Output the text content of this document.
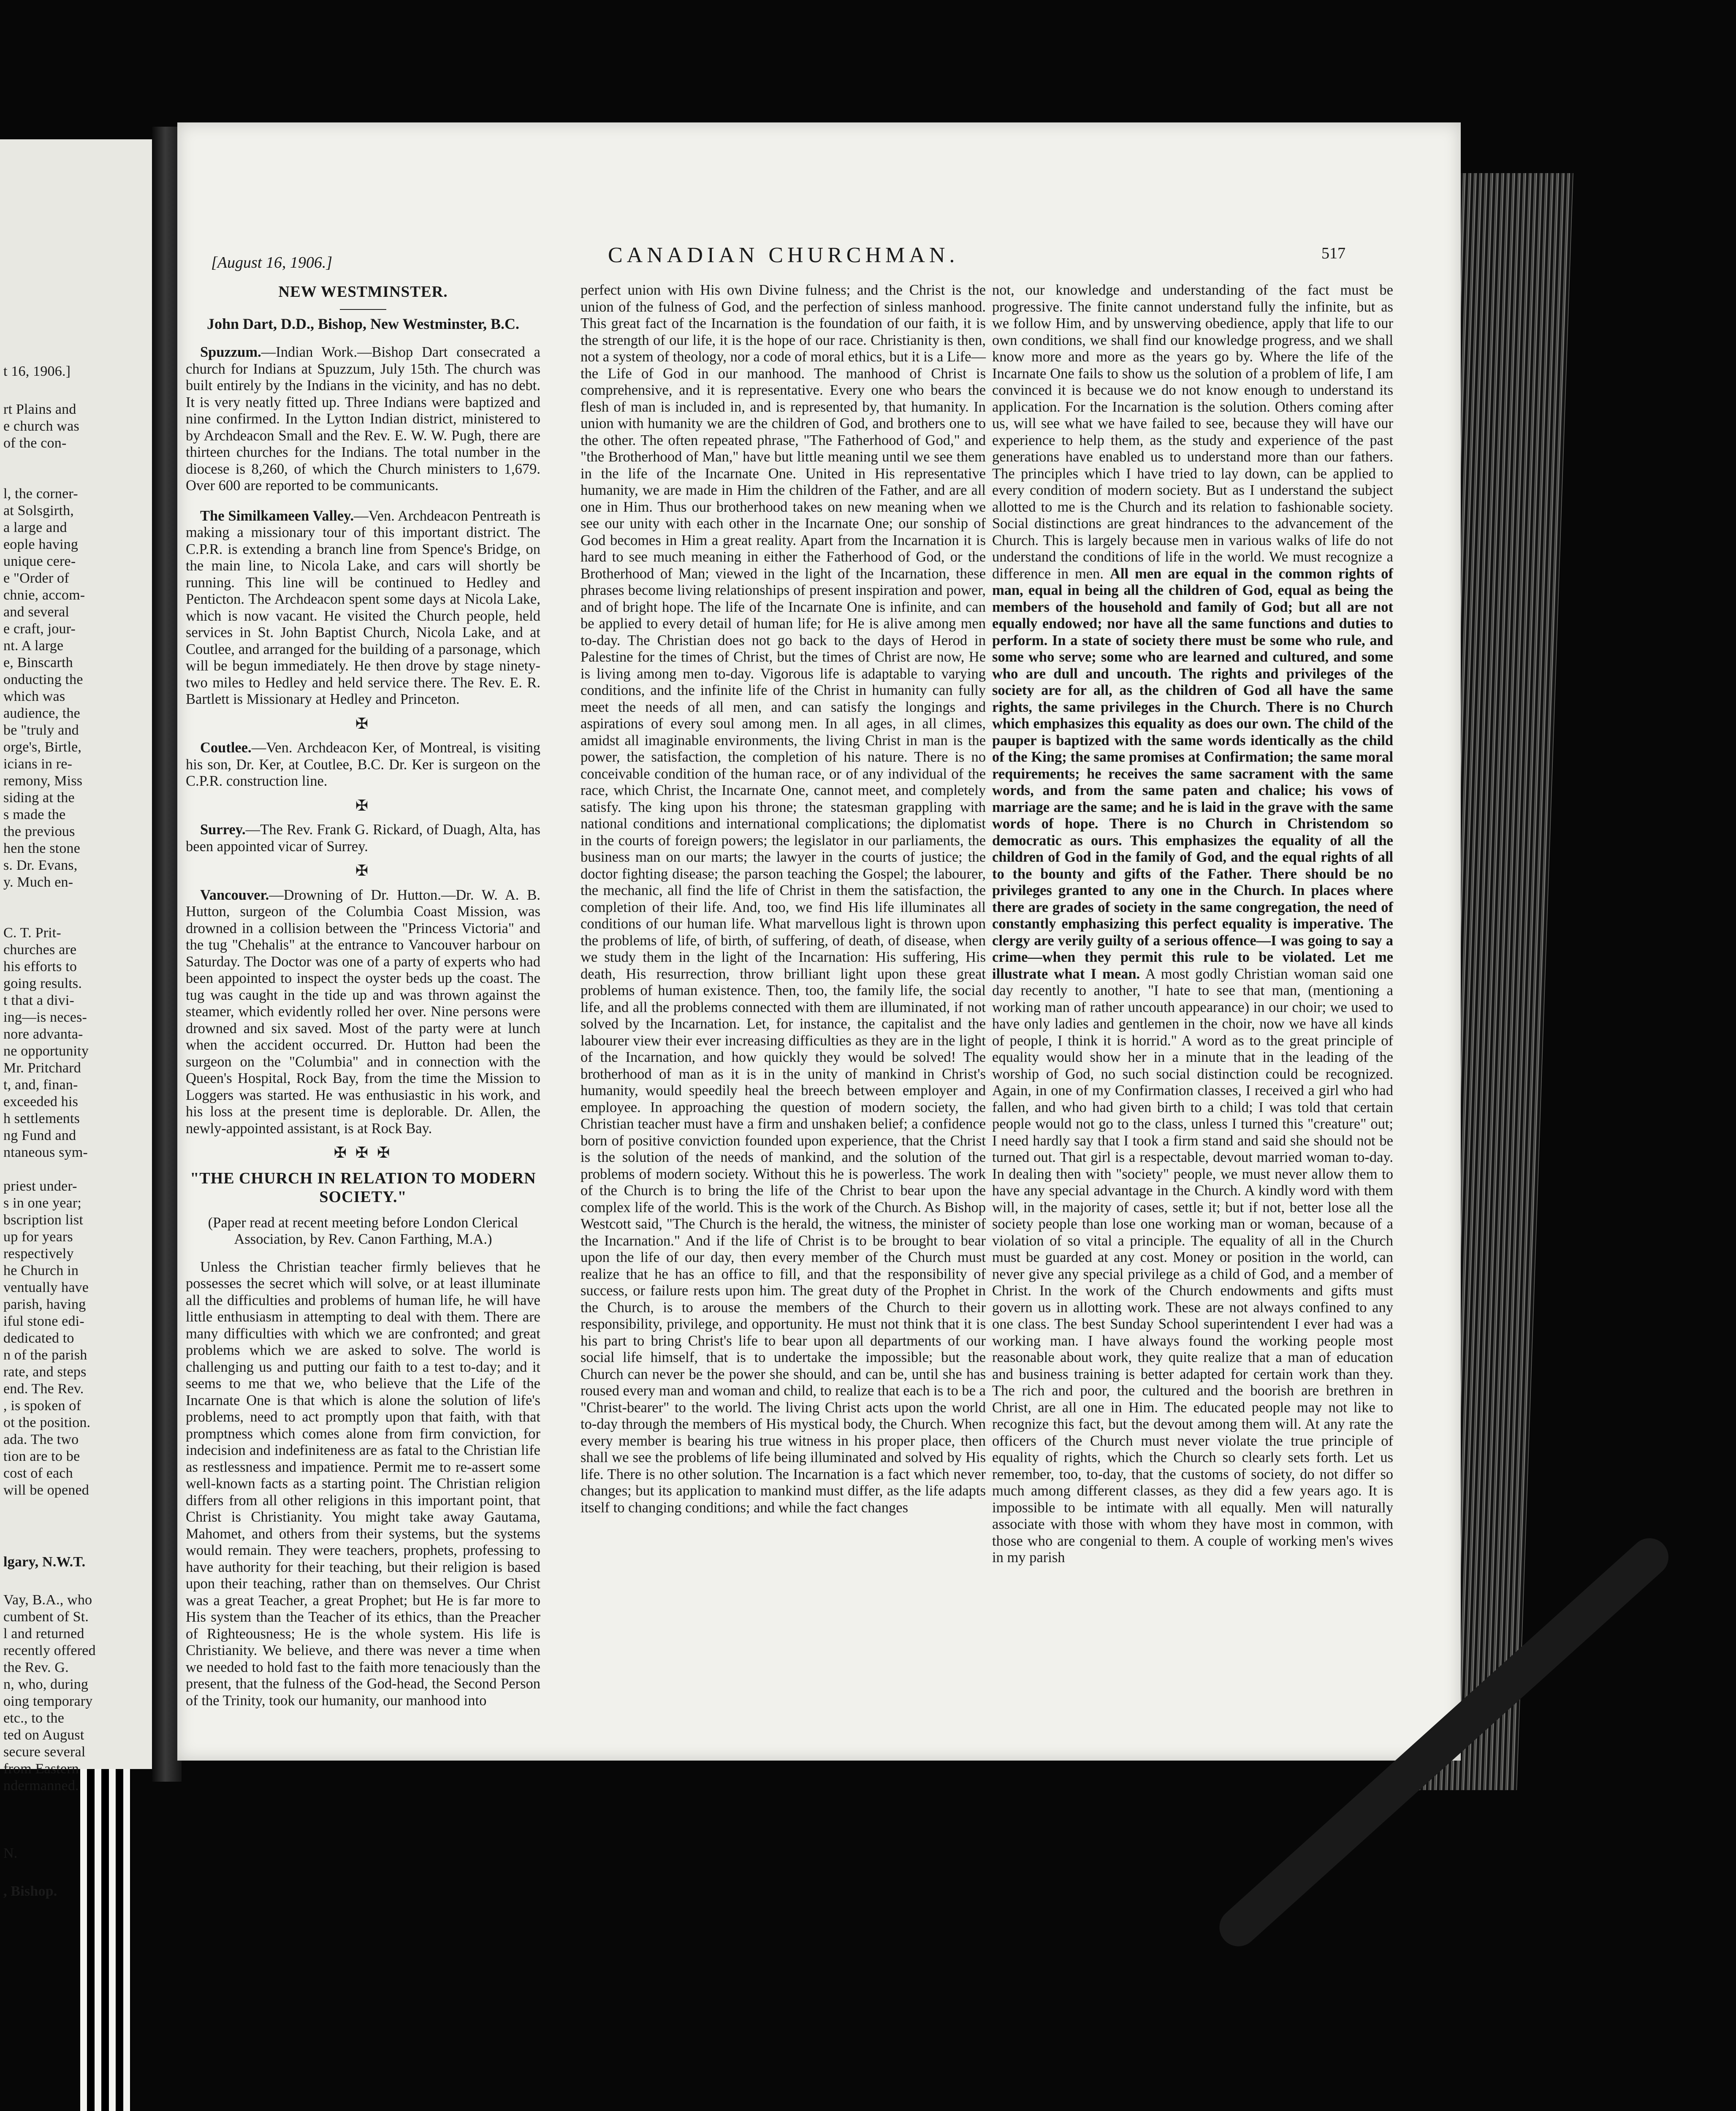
t 16, 1906.]
rt Plains and
e church was
of the con-
l, the corner-
at Solsgirth,
a large and
eople having
unique cere-
e "Order of
chnie, accom-
and several
e craft, jour-
nt. A large
e, Binscarth
onducting the
which was
audience, the
be "truly and
orge's, Birtle,
icians in re-
remony, Miss
siding at the
s made the
the previous
hen the stone
s. Dr. Evans,
y. Much en-
C. T. Prit-
churches are
his efforts to
going results.
t that a divi-
ing—is neces-
nore advanta-
ne opportunity
Mr. Pritchard
t, and, finan-
exceeded his
h settlements
ng Fund and
ntaneous sym-
priest under-
s in one year;
bscription list
up for years
respectively
he Church in
ventually have
parish, having
iful stone edi-
dedicated to
n of the parish
rate, and steps
end. The Rev.
, is spoken of
ot the position.
ada. The two
tion are to be
cost of each
will be opened
lgary, N.W.T.
Vay, B.A., who
cumbent of St.
l and returned
recently offered
the Rev. G.
n, who, during
oing temporary
etc., to the
ted on August
secure several
from Eastern
ndermanned.
N.
, Bishop.
[August 16, 1906.]	CANADIAN CHURCHMAN.	517
NEW WESTMINSTER.
John Dart, D.D., Bishop, New Westminster, B.C.

Spuzzum.—Indian Work.—Bishop Dart consecrated a church for Indians at Spuzzum, July 15th. The church was built entirely by the Indians in the vicinity, and has no debt. It is very neatly fitted up. Three Indians were baptized and nine confirmed. In the Lytton Indian district, ministered to by Archdeacon Small and the Rev. E. W. W. Pugh, there are thirteen churches for the Indians. The total number in the diocese is 8,260, of which the Church ministers to 1,679. Over 600 are reported to be communicants.

The Similkameen Valley.—Ven. Archdeacon Pentreath is making a missionary tour of this important district. The C.P.R. is extending a branch line from Spence's Bridge, on the main line, to Nicola Lake, and cars will shortly be running. This line will be continued to Hedley and Penticton. The Archdeacon spent some days at Nicola Lake, which is now vacant. He visited the Church people, held services in St. John Baptist Church, Nicola Lake, and at Coutlee, and arranged for the building of a parsonage, which will be begun immediately. He then drove by stage ninety-two miles to Hedley and held service there. The Rev. E. R. Bartlett is Missionary at Hedley and Princeton.

✠

Coutlee.—Ven. Archdeacon Ker, of Montreal, is visiting his son, Dr. Ker, at Coutlee, B.C. Dr. Ker is surgeon on the C.P.R. construction line.

✠

Surrey.—The Rev. Frank G. Rickard, of Duagh, Alta, has been appointed vicar of Surrey.

✠

Vancouver.—Drowning of Dr. Hutton.—Dr. W. A. B. Hutton, surgeon of the Columbia Coast Mission, was drowned in a collision between the "Princess Victoria" and the tug "Chehalis" at the entrance to Vancouver harbour on Saturday. The Doctor was one of a party of experts who had been appointed to inspect the oyster beds up the coast. The tug was caught in the tide up and was thrown against the steamer, which evidently rolled her over. Nine persons were drowned and six saved. Most of the party were at lunch when the accident occurred. Dr. Hutton had been the surgeon on the "Columbia" and in connection with the Queen's Hospital, Rock Bay, from the time the Mission to Loggers was started. He was enthusiastic in his work, and his loss at the present time is deplorable. Dr. Allen, the newly-appointed assistant, is at Rock Bay.

✠ ✠ ✠
"THE CHURCH IN RELATION TO MODERN SOCIETY."
(Paper read at recent meeting before London Clerical Association, by Rev. Canon Farthing, M.A.)

Unless the Christian teacher firmly believes that he possesses the secret which will solve, or at least illuminate all the difficulties and problems of human life, he will have little enthusiasm in attempting to deal with them. There are many difficulties with which we are confronted; and great problems which we are asked to solve. The world is challenging us and putting our faith to a test to-day; and it seems to me that we, who believe that the Life of the Incarnate One is that which is alone the solution of life's problems, need to act promptly upon that faith, with that promptness which comes alone from firm conviction, for indecision and indefiniteness are as fatal to the Christian life as restlessness and impatience. Permit me to re-assert some well-known facts as a starting point. The Christian religion differs from all other religions in this important point, that Christ is Christianity. You might take away Gautama, Mahomet, and others from their systems, but the systems would remain. They were teachers, prophets, professing to have authority for their teaching, but their religion is based upon their teaching, rather than on themselves. Our Christ was a great Teacher, a great Prophet; but He is far more to His system than the Teacher of its ethics, than the Preacher of Righteousness; He is the whole system. His life is Christianity. We believe, and there was never a time when we needed to hold fast to the faith more tenaciously than the present, that the fulness of the God-head, the Second Person of the Trinity, took our humanity, our manhood into

perfect union with His own Divine fulness; and the Christ is the union of the fulness of God, and the perfection of sinless manhood. This great fact of the Incarnation is the foundation of our faith, it is the strength of our life, it is the hope of our race. Christianity is then, not a system of theology, nor a code of moral ethics, but it is a Life—the Life of God in our manhood. The manhood of Christ is comprehensive, and it is representative. Every one who bears the flesh of man is included in, and is represented by, that humanity. In union with humanity we are the children of God, and brothers one to the other. The often repeated phrase, "The Fatherhood of God," and "the Brotherhood of Man," have but little meaning until we see them in the life of the Incarnate One. United in His representative humanity, we are made in Him the children of the Father, and are all one in Him. Thus our brotherhood takes on new meaning when we see our unity with each other in the Incarnate One; our sonship of God becomes in Him a great reality. Apart from the Incarnation it is hard to see much meaning in either the Fatherhood of God, or the Brotherhood of Man; viewed in the light of the Incarnation, these phrases become living relationships of present inspiration and power, and of bright hope. The life of the Incarnate One is infinite, and can be applied to every detail of human life; for He is alive among men to-day. The Christian does not go back to the days of Herod in Palestine for the times of Christ, but the times of Christ are now, He is living among men to-day. Vigorous life is adaptable to varying conditions, and the infinite life of the Christ in humanity can fully meet the needs of all men, and can satisfy the longings and aspirations of every soul among men. In all ages, in all climes, amidst all imaginable environments, the living Christ in man is the power, the satisfaction, the completion of his nature. There is no conceivable condition of the human race, or of any individual of the race, which Christ, the Incarnate One, cannot meet, and completely satisfy. The king upon his throne; the statesman grappling with national conditions and international complications; the diplomatist in the courts of foreign powers; the legislator in our parliaments, the business man on our marts; the lawyer in the courts of justice; the doctor fighting disease; the parson teaching the Gospel; the labourer, the mechanic, all find the life of Christ in them the satisfaction, the completion of their life. And, too, we find His life illuminates all conditions of our human life. What marvellous light is thrown upon the problems of life, of birth, of suffering, of death, of disease, when we study them in the light of the Incarnation: His suffering, His death, His resurrection, throw brilliant light upon these great problems of human existence. Then, too, the family life, the social life, and all the problems connected with them are illuminated, if not solved by the Incarnation. Let, for instance, the capitalist and the labourer view their ever increasing difficulties as they are in the light of the Incarnation, and how quickly they would be solved! The brotherhood of man as it is in the unity of mankind in Christ's humanity, would speedily heal the breech between employer and employee. In approaching the question of modern society, the Christian teacher must have a firm and unshaken belief; a confidence born of positive conviction founded upon experience, that the Christ is the solution of the needs of mankind, and the solution of the problems of modern society. Without this he is powerless. The work of the Church is to bring the life of the Christ to bear upon the complex life of the world. This is the work of the Church. As Bishop Westcott said, "The Church is the herald, the witness, the minister of the Incarnation." And if the life of Christ is to be brought to bear upon the life of our day, then every member of the Church must realize that he has an office to fill, and that the responsibility of success, or failure rests upon him. The great duty of the Prophet in the Church, is to arouse the members of the Church to their responsibility, privilege, and opportunity. He must not think that it is his part to bring Christ's life to bear upon all departments of our social life himself, that is to undertake the impossible; but the Church can never be the power she should, and can be, until she has roused every man and woman and child, to realize that each is to be a "Christ-bearer" to the world. The living Christ acts upon the world to-day through the members of His mystical body, the Church. When every member is bearing his true witness in his proper place, then shall we see the problems of life being illuminated and solved by His life. There is no other solution. The Incarnation is a fact which never changes; but its application to mankind must differ, as the life adapts itself to changing conditions; and while the fact changes

not, our knowledge and understanding of the fact must be progressive. The finite cannot understand fully the infinite, but as we follow Him, and by unswerving obedience, apply that life to our own conditions, we shall find our knowledge progress, and we shall know more and more as the years go by. Where the life of the Incarnate One fails to show us the solution of a problem of life, I am convinced it is because we do not know enough to understand its application. For the Incarnation is the solution. Others coming after us, will see what we have failed to see, because they will have our experience to help them, as the study and experience of the past generations have enabled us to understand more than our fathers. The principles which I have tried to lay down, can be applied to every condition of modern society. But as I understand the subject allotted to me is the Church and its relation to fashionable society. Social distinctions are great hindrances to the advancement of the Church. This is largely because men in various walks of life do not understand the conditions of life in the world. We must recognize a difference in men. All men are equal in the common rights of man, equal in being all the children of God, equal as being the members of the household and family of God; but all are not equally endowed; nor have all the same functions and duties to perform. In a state of society there must be some who rule, and some who serve; some who are learned and cultured, and some who are dull and uncouth. The rights and privileges of the society are for all, as the children of God all have the same rights, the same privileges in the Church. There is no Church which emphasizes this equality as does our own. The child of the pauper is baptized with the same words identically as the child of the King; the same promises at Confirmation; the same moral requirements; he receives the same sacrament with the same words, and from the same paten and chalice; his vows of marriage are the same; and he is laid in the grave with the same words of hope. There is no Church in Christendom so democratic as ours. This emphasizes the equality of all the children of God in the family of God, and the equal rights of all to the bounty and gifts of the Father. There should be no privileges granted to any one in the Church. In places where there are grades of society in the same congregation, the need of constantly emphasizing this perfect equality is imperative. The clergy are verily guilty of a serious offence—I was going to say a crime—when they permit this rule to be violated. Let me illustrate what I mean. A most godly Christian woman said one day recently to another, "I hate to see that man, (mentioning a working man of rather uncouth appearance) in our choir; we used to have only ladies and gentlemen in the choir, now we have all kinds of people, I think it is horrid." A word as to the great principle of equality would show her in a minute that in the leading of the worship of God, no such social distinction could be recognized. Again, in one of my Confirmation classes, I received a girl who had fallen, and who had given birth to a child; I was told that certain people would not go to the class, unless I turned this "creature" out; I need hardly say that I took a firm stand and said she should not be turned out. That girl is a respectable, devout married woman to-day. In dealing then with "society" people, we must never allow them to have any special advantage in the Church. A kindly word with them will, in the majority of cases, settle it; but if not, better lose all the society people than lose one working man or woman, because of a violation of so vital a principle. The equality of all in the Church must be guarded at any cost. Money or position in the world, can never give any special privilege as a child of God, and a member of Christ. In the work of the Church endowments and gifts must govern us in allotting work. These are not always confined to any one class. The best Sunday School superintendent I ever had was a working man. I have always found the working people most reasonable about work, they quite realize that a man of education and business training is better adapted for certain work than they. The rich and poor, the cultured and the boorish are brethren in Christ, are all one in Him. The educated people may not like to recognize this fact, but the devout among them will. At any rate the officers of the Church must never violate the true principle of equality of rights, which the Church so clearly sets forth. Let us remember, too, to-day, that the customs of society, do not differ so much among different classes, as they did a few years ago. It is impossible to be intimate with all equally. Men will naturally associate with those with whom they have most in common, with those who are congenial to them. A couple of working men's wives in my parish
